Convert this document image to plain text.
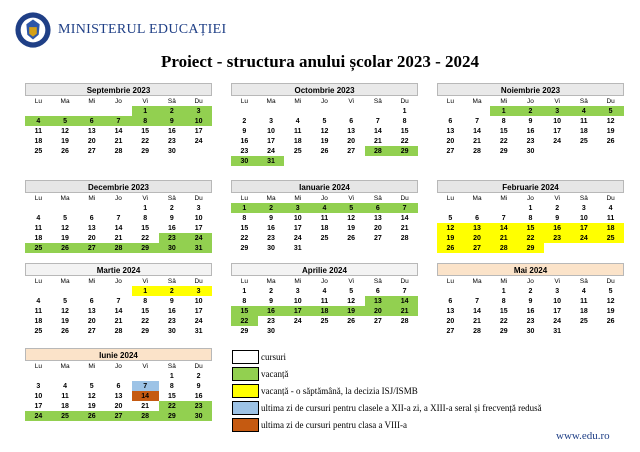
MINISTERUL EDUCAȚIEI
Proiect - structura anului școlar 2023 - 2024
Septembrie 2023
Lu	Ma	Mi	Jo	Vi	Sâ	Du
				1	2	3
4	5	6	7	8	9	10
11	12	13	14	15	16	17
18	19	20	21	22	23	24
25	26	27	28	29	30	
Octombrie 2023
Lu	Ma	Mi	Jo	Vi	Sâ	Du
						1
2	3	4	5	6	7	8
9	10	11	12	13	14	15
16	17	18	19	20	21	22
23	24	25	26	27	28	29
30	31					
Noiembrie 2023
Lu	Ma	Mi	Jo	Vi	Sâ	Du
		1	2	3	4	5
6	7	8	9	10	11	12
13	14	15	16	17	18	19
20	21	22	23	24	25	26
27	28	29	30			
Decembrie 2023
Lu	Ma	Mi	Jo	Vi	Sâ	Du
				1	2	3
4	5	6	7	8	9	10
11	12	13	14	15	16	17
18	19	20	21	22	23	24
25	26	27	28	29	30	31
Ianuarie 2024
Lu	Ma	Mi	Jo	Vi	Sâ	Du
1	2	3	4	5	6	7
8	9	10	11	12	13	14
15	16	17	18	19	20	21
22	23	24	25	26	27	28
29	30	31				
Februarie 2024
Lu	Ma	Mi	Jo	Vi	Sâ	Du
			1	2	3	4
5	6	7	8	9	10	11
12	13	14	15	16	17	18
19	20	21	22	23	24	25
26	27	28	29			
Martie 2024
Lu	Ma	Mi	Jo	Vi	Sâ	Du
				1	2	3
4	5	6	7	8	9	10
11	12	13	14	15	16	17
18	19	20	21	22	23	24
25	26	27	28	29	30	31
Aprilie 2024
Lu	Ma	Mi	Jo	Vi	Sâ	Du
1	2	3	4	5	6	7
8	9	10	11	12	13	14
15	16	17	18	19	20	21
22	23	24	25	26	27	28
29	30					
Mai 2024
Lu	Ma	Mi	Jo	Vi	Sâ	Du
		1	2	3	4	5
6	7	8	9	10	11	12
13	14	15	16	17	18	19
20	21	22	23	24	25	26
27	28	29	30	31		
Iunie 2024
Lu	Ma	Mi	Jo	Vi	Sâ	Du
					1	2
3	4	5	6	7	8	9
10	11	12	13	14	15	16
17	18	19	20	21	22	23
24	25	26	27	28	29	30
cursuri
vacanță
vacanță - o săptămână, la decizia ISJ/ISMB
ultima zi de cursuri pentru clasele a XII-a zi, a XIII-a seral și frecvență redusă
ultima zi de cursuri pentru clasa a VIII-a
www.edu.ro
